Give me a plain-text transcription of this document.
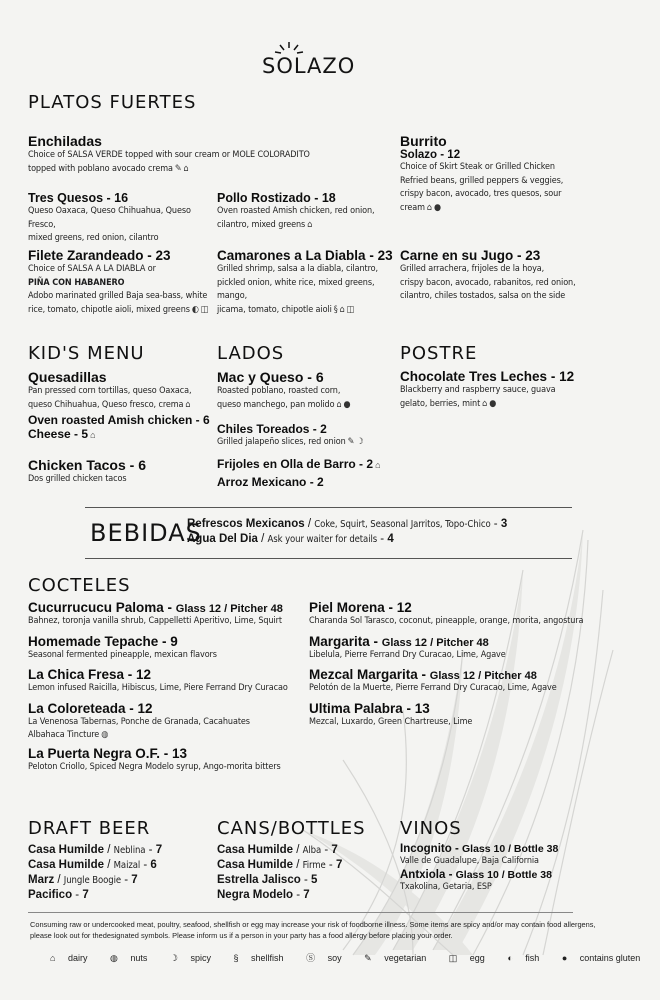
SOLAZO
PLATOS FUERTES
Enchiladas
Choice of SALSA VERDE topped with sour cream or MOLE COLORADITO
topped with poblano avocado crema ✎ ⌂
Tres Quesos - 16
Queso Oaxaca, Queso Chihuahua, Queso Fresco,
mixed greens, red onion, cilantro
Pollo Rostizado - 18
Oven roasted Amish chicken, red onion,
cilantro, mixed greens ⌂
Burrito
Solazo - 12
Choice of Skirt Steak or Grilled Chicken
Refried beans, grilled peppers & veggies,
crispy bacon, avocado, tres quesos, sour
cream ⌂ ●
Filete Zarandeado - 23
Choice of SALSA A LA DIABLA or
PIÑA CON HABANERO
Adobo marinated grilled Baja sea-bass, white
rice, tomato, chipotle aioli, mixed greens ◐ ◫
Camarones a La Diabla - 23
Grilled shrimp, salsa a la diabla, cilantro,
pickled onion, white rice, mixed greens, mango,
jicama, tomato, chipotle aioli § ⌂ ◫
Carne en su Jugo - 23
Grilled arrachera, frijoles de la hoya,
crispy bacon, avocado, rabanitos, red onion,
cilantro, chiles tostados, salsa on the side
KID'S MENU
Quesadillas
Pan pressed corn tortillas, queso Oaxaca,
queso Chihuahua, Queso fresco, crema ⌂
Oven roasted Amish chicken - 6
Cheese - 5 ⌂
Chicken Tacos - 6
Dos grilled chicken tacos
LADOS
Mac y Queso - 6
Roasted poblano, roasted corn,
queso manchego, pan molido ⌂ ●
Chiles Toreados - 2
Grilled jalapeño slices, red onion ✎ ☽
Frijoles en Olla de Barro - 2 ⌂
Arroz Mexicano - 2
POSTRE
Chocolate Tres Leches - 12
Blackberry and raspberry sauce, guava
gelato, berries, mint ⌂ ●
BEBIDAS
Refrescos Mexicanos / Coke, Squirt, Seasonal Jarritos, Topo-Chico - 3
Agua Del Dia / Ask your waiter for details - 4
COCTELES
Cucurrucucu Paloma - Glass 12 / Pitcher 48
Bahnez, toronja vanilla shrub, Cappelletti Aperitivo, Lime, Squirt
Homemade Tepache - 9
Seasonal fermented pineapple, mexican flavors
La Chica Fresa - 12
Lemon infused Raicilla, Hibiscus, Lime, Piere Ferrand Dry Curacao
La Coloreteada - 12
La Venenosa Tabernas, Ponche de Granada, Cacahuates
Albahaca Tincture ◍
La Puerta Negra O.F. - 13
Peloton Criollo, Spiced Negra Modelo syrup, Ango-morita bitters
Piel Morena - 12
Charanda Sol Tarasco, coconut, pineapple, orange, morita, angostura
Margarita - Glass 12 / Pitcher 48
Libelula, Pierre Ferrand Dry Curacao, Lime, Agave
Mezcal Margarita - Glass 12 / Pitcher 48
Pelotón de la Muerte, Pierre Ferrand Dry Curacao, Lime, Agave
Ultima Palabra - 13
Mezcal, Luxardo, Green Chartreuse, Lime
DRAFT BEER
Casa Humilde / Neblina - 7
Casa Humilde / Maizal - 6
Marz / Jungle Boogie - 7
Pacifico - 7
CANS/BOTTLES
Casa Humilde / Alba - 7
Casa Humilde / Firme - 7
Estrella Jalisco - 5
Negra Modelo - 7
VINOS
Incognito - Glass 10 / Bottle 38
Valle de Guadalupe, Baja California
Antxiola - Glass 10 / Bottle 38
Txakolina, Getaria, ESP
Consuming raw or undercooked meat, poultry, seafood, shellfish or egg may increase your risk of foodborne illness. Some items are spicy and/or may contain food allergens,
please look out for thedesignated symbols. Please inform us if a person in your party has a food allergy before placing your order.
⌂ dairy	◍ nuts	☽ spicy	§ shellfish	Ⓢ soy	✎ vegetarian	◫ egg	◐ fish	● contains gluten
